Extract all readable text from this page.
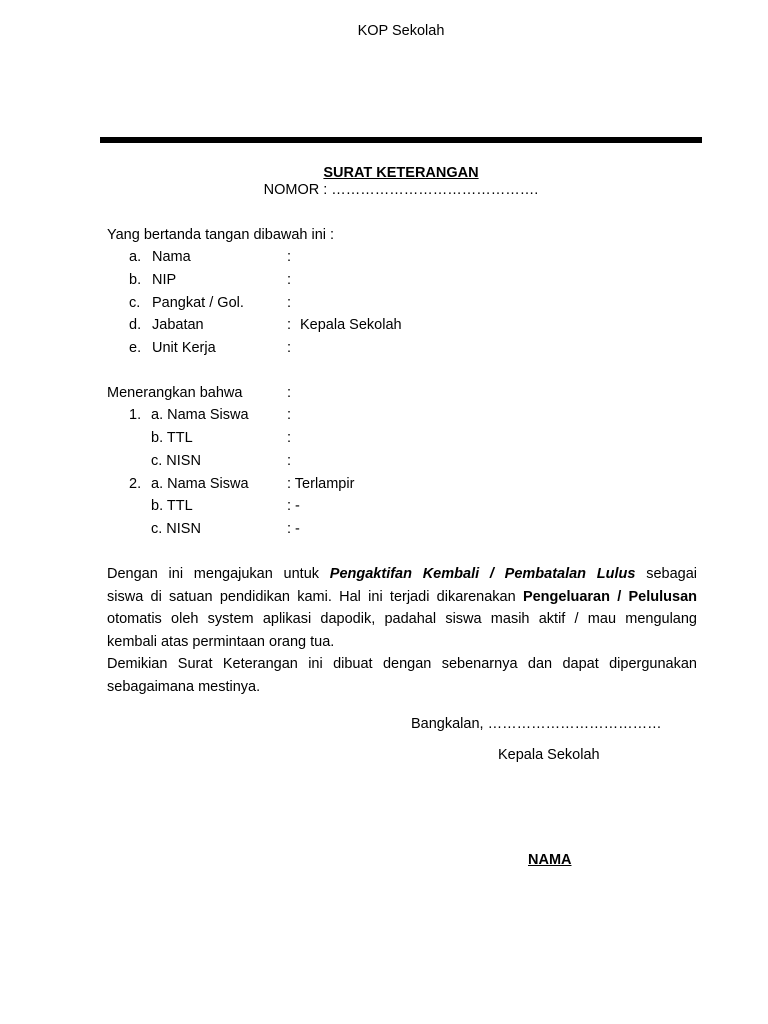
KOP Sekolah
SURAT KETERANGAN
NOMOR : …………………………………….
Yang bertanda tangan dibawah ini :
a. Nama	:
b. NIP	:
c. Pangkat / Gol.	:
d. Jabatan	: Kepala Sekolah
e. Unit Kerja	:
Menerangkan bahwa	:
1. a. Nama Siswa	:
b. TTL	:
c. NISN	:
2. a. Nama Siswa	: Terlampir
b. TTL	: -
c. NISN	: -
Dengan ini mengajukan untuk Pengaktifan Kembali / Pembatalan Lulus sebagai
siswa di satuan pendidikan kami. Hal ini terjadi dikarenakan Pengeluaran / Pelulusan
otomatis oleh system aplikasi dapodik, padahal siswa masih aktif / mau mengulang
kembali atas permintaan orang tua.
Demikian Surat Keterangan ini dibuat dengan sebenarnya dan dapat dipergunakan
sebagaimana mestinya.
Bangkalan, ………………………………
Kepala Sekolah
NAMA
